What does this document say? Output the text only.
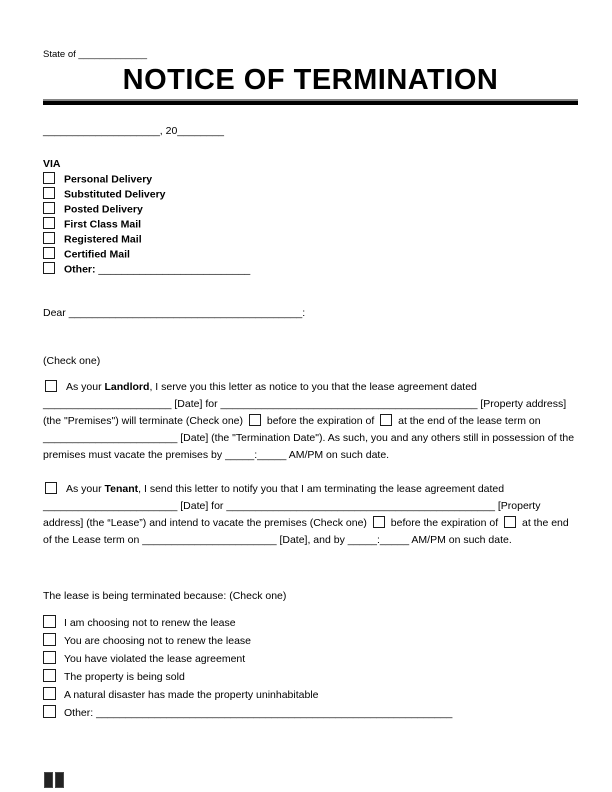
State of _____________
NOTICE OF TERMINATION
____________________, 20________
VIA
Personal Delivery
Substituted Delivery
Posted Delivery
First Class Mail
Registered Mail
Certified Mail
Other: __________________________
Dear ________________________________________:
(Check one)

As your Landlord, I serve you this letter as notice to you that the lease agreement dated ______________________ [Date] for ____________________________________________ [Property address] (the "Premises") will terminate (Check one)  before the expiration of  at the end of the lease term on _______________________ [Date] (the "Termination Date"). As such, you and any others still in possession of the premises must vacate the premises by _____:_____ AM/PM on such date.

As your Tenant, I send this letter to notify you that I am terminating the lease agreement dated _______________________ [Date] for ______________________________________________ [Property address] (the “Lease”) and intend to vacate the premises (Check one)  before the expiration of  at the end of the Lease term on _______________________ [Date], and by _____:_____ AM/PM on such date.

The lease is being terminated because: (Check one)
I am choosing not to renew the lease
You are choosing not to renew the lease
You have violated the lease agreement
The property is being sold
A natural disaster has made the property uninhabitable
Other: _____________________________________________________________
